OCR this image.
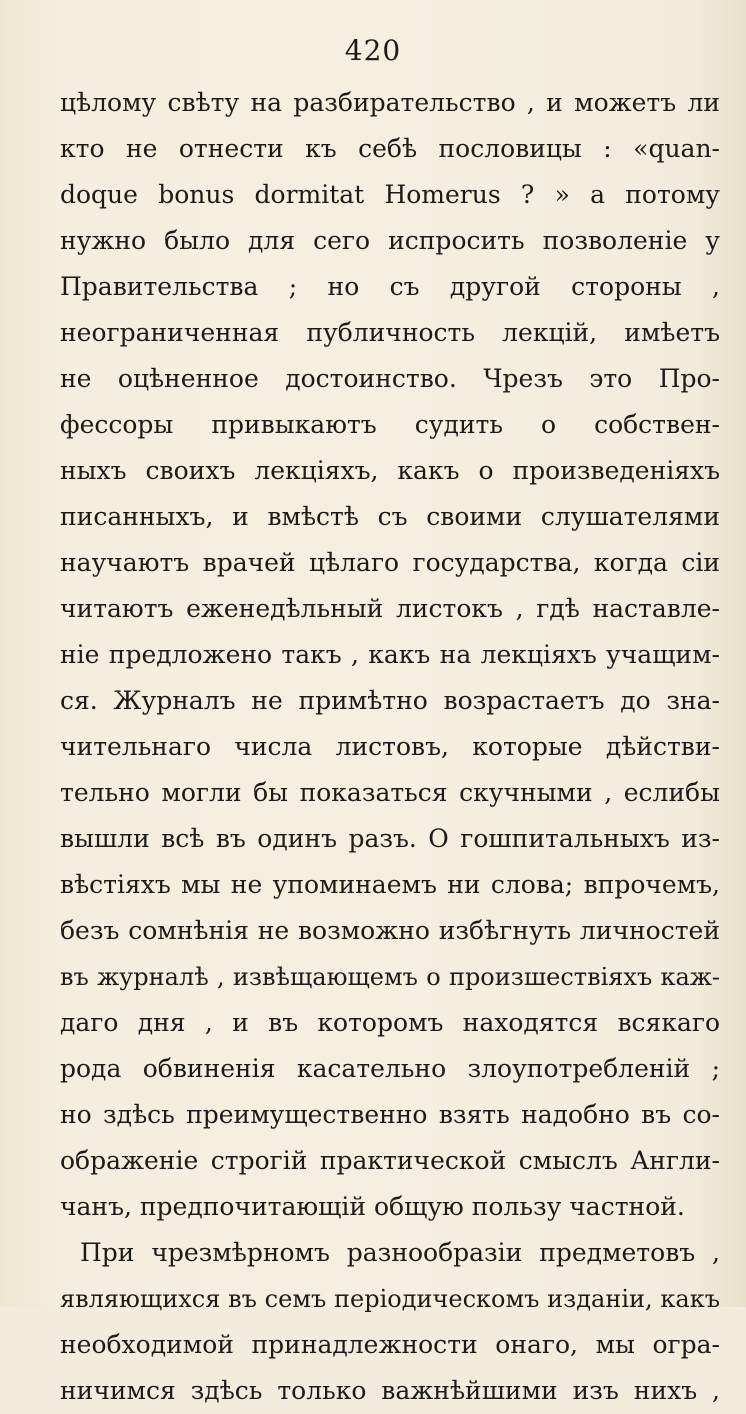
420
цѣлому свѣту на разбирательство , и можетъ ли
кто не отнести къ себѣ пословицы : «quan-
doque bonus dormitat Homerus ? » а потому
нужно было для сего испросить позволеніе у
Правительства ; но съ другой стороны ,
неограниченная публичность лекцій, имѣетъ
не оцѣненное достоинство. Чрезъ это Про-
фессоры привыкаютъ судить о собствен-
ныхъ своихъ лекціяхъ, какъ о произведеніяхъ
писанныхъ, и вмѣстѣ съ своими слушателями
научаютъ врачей цѣлаго государства, когда сіи
читаютъ еженедѣльный листокъ , гдѣ наставле-
ніе предложено такъ , какъ на лекціяхъ учащим-
ся. Журналъ не примѣтно возрастаетъ до зна-
чительнаго числа листовъ, которые дѣйстви-
тельно могли бы показаться скучными , еслибы
вышли всѣ въ одинъ разъ. О гошпитальныхъ из-
вѣстіяхъ мы не упоминаемъ ни слова; впрочемъ,
безъ сомнѣнія не возможно избѣгнуть личностей
въ журналѣ , извѣщающемъ о произшествіяхъ каж-
даго дня , и въ которомъ находятся всякаго
рода обвиненія касательно злоупотребленій ;
но здѣсь преимущественно взять надобно въ со-
ображеніе строгій практической смыслъ Англи-
чанъ, предпочитающій общую пользу частной.
При чрезмѣрномъ разнообразіи предметовъ ,
являющихся въ семъ періодическомъ изданіи, какъ
необходимой принадлежности онаго, мы огра-
ничимся здѣсь только важнѣйшими изъ нихъ ,
